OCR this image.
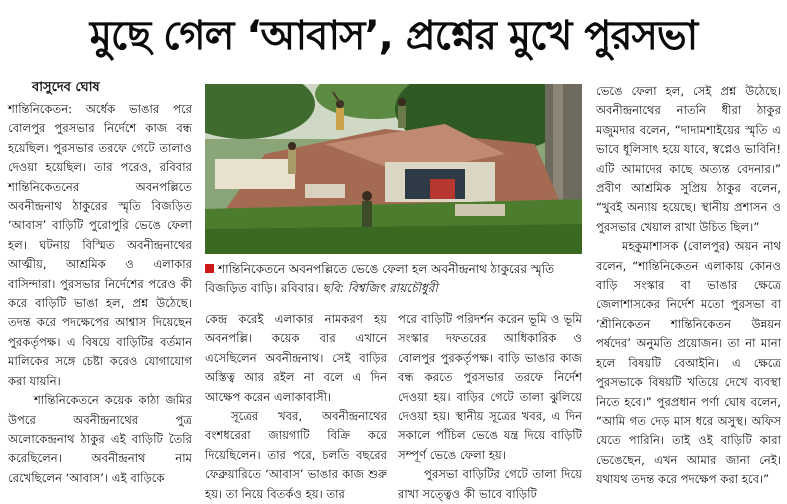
মুছে গেল ‘আবাস’, প্রশ্নের মুখে পুরসভা
বাসুদেব ঘোষ

শান্তিনিকেতন: অর্ধেক ভাঙার পরে বোলপুর পুরসভার নির্দেশে কাজ বন্ধ হয়েছিল। পুরসভার তরফে গেটে তালাও দেওয়া হয়েছিল। তার পরেও, রবিবার শান্তিনিকেতনের অবনপল্লিতে অবনীন্দ্রনাথ ঠাকুরের স্মৃতি বিজড়িত ‘আবাস’ বাড়িটি পুরোপুরি ভেঙে ফেলা হল। ঘটনায় বিস্মিত অবনীন্দ্রনাথের আত্মীয়, আশ্রমিক ও এলাকার বাসিন্দারা। পুরসভার নির্দেশের পরেও কী করে বাড়িটি ভাঙা হল, প্রশ্ন উঠেছে। তদন্ত করে পদক্ষেপের আশ্বাস দিয়েছেন পুরকর্তৃপক্ষ। এ বিষয়ে বাড়িটির বর্তমান মালিকের সঙ্গে চেষ্টা করেও যোগাযোগ করা যায়নি।

শান্তিনিকেতনে কয়েক কাঠা জমির উপরে অবনীন্দ্রনাথের পুত্র অলোকেন্দ্রনাথ ঠাকুর এই বাড়িটি তৈরি করেছিলেন। অবনীন্দ্রনাথ নাম রেখেছিলেন ‘আবাস’। এই বাড়িকে

শান্তিনিকেতনে অবনপল্লিতে ভেঙে ফেলা হল অবনীন্দ্রনাথ ঠাকুরের স্মৃতি বিজড়িত বাড়ি। রবিবার। ছবি: বিশ্বজিৎ রায়চৌধুরী

কেন্দ্র করেই এলাকার নামকরণ হয় অবনপল্লি। কয়েক বার এখানে এসেছিলেন অবনীন্দ্রনাথ। সেই বাড়ির অস্তিত্ব আর রইল না বলে এ দিন আক্ষেপ করেন এলাকাবাসী।

সূত্রের খবর, অবনীন্দ্রনাথের বংশধরেরা জায়গাটি বিক্রি করে দিয়েছিলেন। তার পরে, চলতি বছরের ফেব্রুয়ারিতে ‘আবাস’ ভাঙার কাজ শুরু হয়। তা নিয়ে বিতর্কও হয়। তার

পরে বাড়িটি পরিদর্শন করেন ভূমি ও ভূমি সংস্কার দফতরের আধিকারিক ও বোলপুর পুরকর্তৃপক্ষ। বাড়ি ভাঙার কাজ বন্ধ করতে পুরসভার তরফে নির্দেশ দেওয়া হয়। বাড়ির গেটে তালা ঝুলিয়ে দেওয়া হয়। স্থানীয় সূত্রের খবর, এ দিন সকালে পাঁচিল ভেঙে যন্ত্র দিয়ে বাড়িটি সম্পূর্ণ ভেঙে ফেলা হয়।

পুরসভা বাড়িটির গেটে তালা দিয়ে রাখা সত্ত্বেও কী ভাবে বাড়িটি

ভেঙে ফেলা হল, সেই প্রশ্ন উঠেছে। অবনীন্দ্রনাথের নাতনি ধীরা ঠাকুর মজুমদার বলেন, “দাদামশাইয়ের স্মৃতি এ ভাবে ধূলিসাৎ হয়ে যাবে, স্বপ্নেও ভাবিনি! এটি আমাদের কাছে অত্যন্ত বেদনার।” প্রবীণ আশ্রমিক সুপ্রিয় ঠাকুর বলেন, “খুবই অন্যায় হয়েছে। স্থানীয় প্রশাসন ও পুরসভার খেয়াল রাখা উচিত ছিল।”

মহকুমাশাসক (বোলপুর) অয়ন নাথ বলেন, “শান্তিনিকেতন এলাকায় কোনও বাড়ি সংস্কার বা ভাঙার ক্ষেত্রে জেলাশাসকের নির্দেশ মতো পুরসভা বা ‘শ্রীনিকেতন শান্তিনিকেতন উন্নয়ন পর্ষদের’ অনুমতি প্রয়োজন। তা না মানা হলে বিষয়টি বেআইনি। এ ক্ষেত্রে পুরসভাকে বিষয়টি খতিয়ে দেখে ব্যবস্থা নিতে হবে।” পুরপ্রধান পর্ণা ঘোষ বলেন, “আমি গত দেড় মাস ধরে অসুস্থ। অফিস যেতে পারিনি। তাই ওই বাড়িটি কারা ভেঙেছেন, এখন আমার জানা নেই। যথাযথ তদন্ত করে পদক্ষেপ করা হবে।”
